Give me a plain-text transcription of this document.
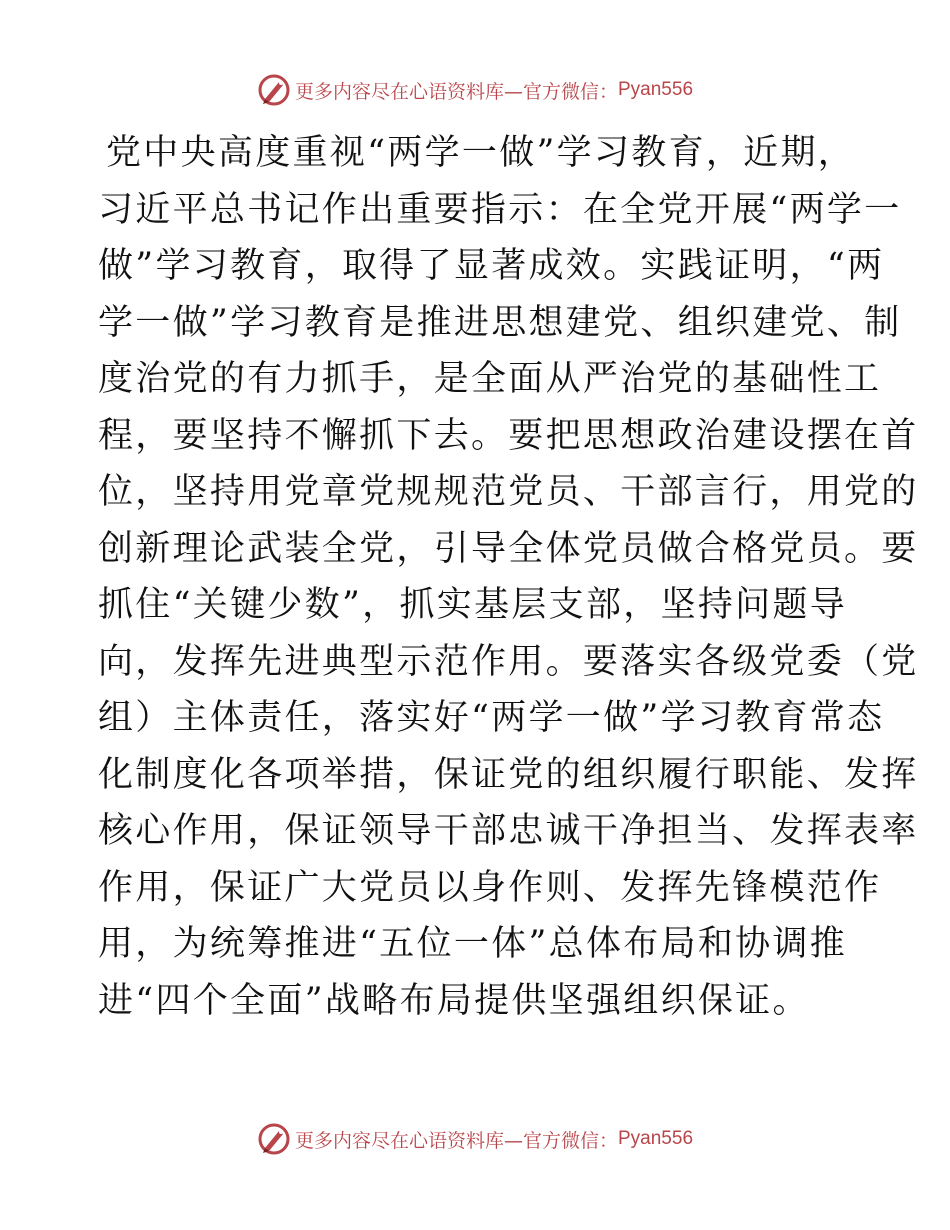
更多内容尽在心语资料库—官方微信： Pyan556
党中央高度重视“两学一做”学习教育，近期，
习近平总书记作出重要指示：在全党开展“两学一
做”学习教育，取得了显著成效。实践证明，“两
学一做”学习教育是推进思想建党、组织建党、制
度治党的有力抓手，是全面从严治党的基础性工
程，要坚持不懈抓下去。要把思想政治建设摆在首
位，坚持用党章党规规范党员、干部言行，用党的
创新理论武装全党，引导全体党员做合格党员。要
抓住“关键少数”，抓实基层支部，坚持问题导
向，发挥先进典型示范作用。要落实各级党委（党
组）主体责任，落实好“两学一做”学习教育常态
化制度化各项举措，保证党的组织履行职能、发挥
核心作用，保证领导干部忠诚干净担当、发挥表率
作用，保证广大党员以身作则、发挥先锋模范作
用，为统筹推进“五位一体”总体布局和协调推
进“四个全面”战略布局提供坚强组织保证。
更多内容尽在心语资料库—官方微信： Pyan556
